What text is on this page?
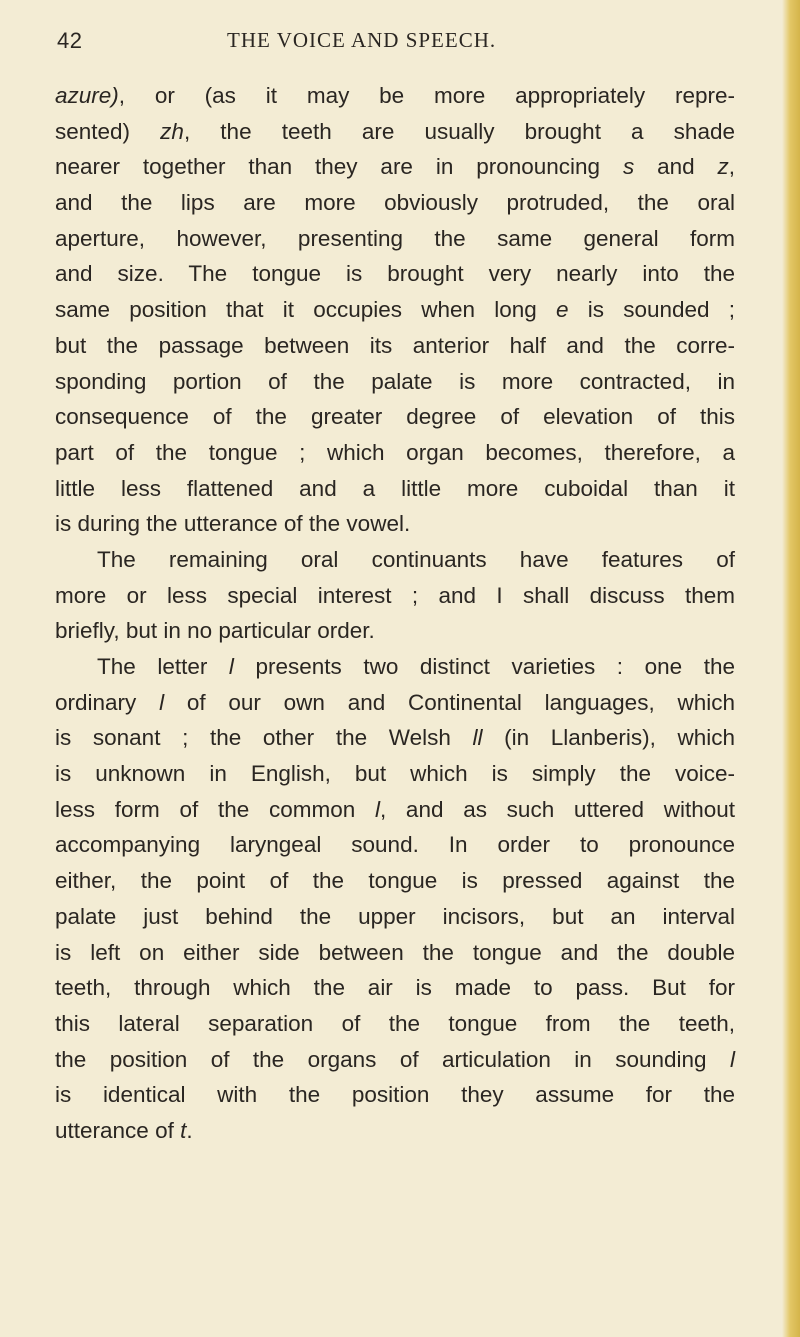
42	THE VOICE AND SPEECH.
azure), or (as it may be more appropriately repre-
sented) zh, the teeth are usually brought a shade
nearer together than they are in pronouncing s and z,
and the lips are more obviously protruded, the oral
aperture, however, presenting the same general form
and size. The tongue is brought very nearly into the
same position that it occupies when long e is sounded ;
but the passage between its anterior half and the corre-
sponding portion of the palate is more contracted, in
consequence of the greater degree of elevation of this
part of the tongue ; which organ becomes, therefore, a
little less flattened and a little more cuboidal than it
is during the utterance of the vowel.
The remaining oral continuants have features of
more or less special interest ; and I shall discuss them
briefly, but in no particular order.
The letter l presents two distinct varieties : one the
ordinary l of our own and Continental languages, which
is sonant ; the other the Welsh ll (in Llanberis), which
is unknown in English, but which is simply the voice-
less form of the common l, and as such uttered without
accompanying laryngeal sound. In order to pronounce
either, the point of the tongue is pressed against the
palate just behind the upper incisors, but an interval
is left on either side between the tongue and the double
teeth, through which the air is made to pass. But for
this lateral separation of the tongue from the teeth,
the position of the organs of articulation in sounding l
is identical with the position they assume for the
utterance of t.
